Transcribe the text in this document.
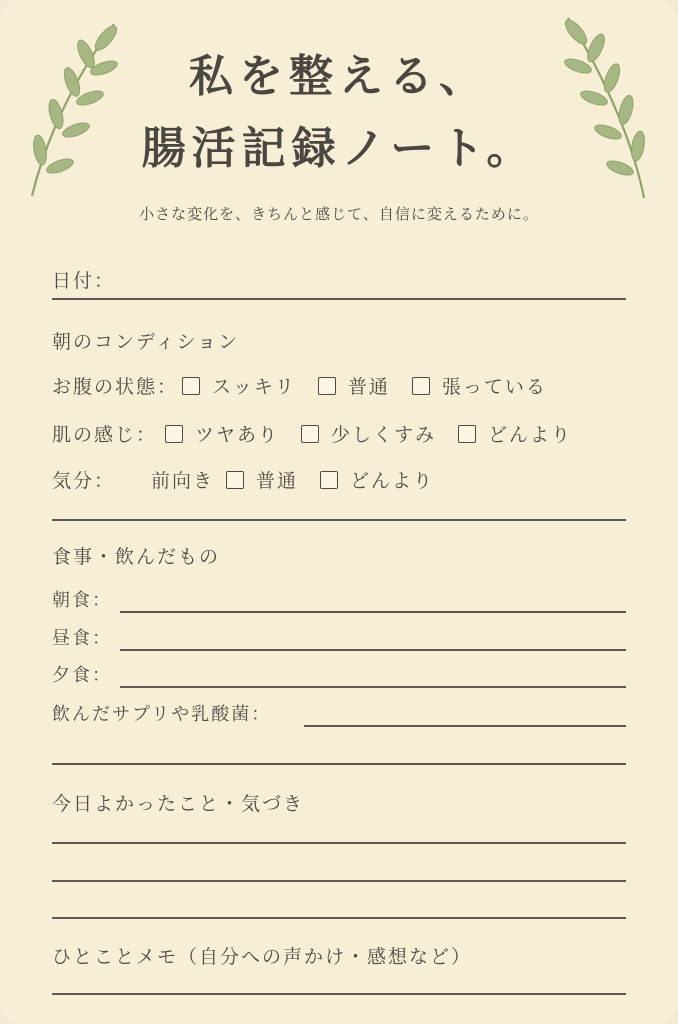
私を整える、
腸活記録ノート。
小さな変化を、きちんと感じて、自信に変えるために。
日付：
朝のコンディション
お腹の状態： スッキリ	普通	張っている
肌の感じ： ツヤあり	少しくすみ	どんより
気分： 前向き 普通	どんより
食事・飲んだもの
朝食：
昼食：
夕食：
飲んだサプリや乳酸菌：
今日よかったこと・気づき
ひとことメモ（自分への声かけ・感想など）
